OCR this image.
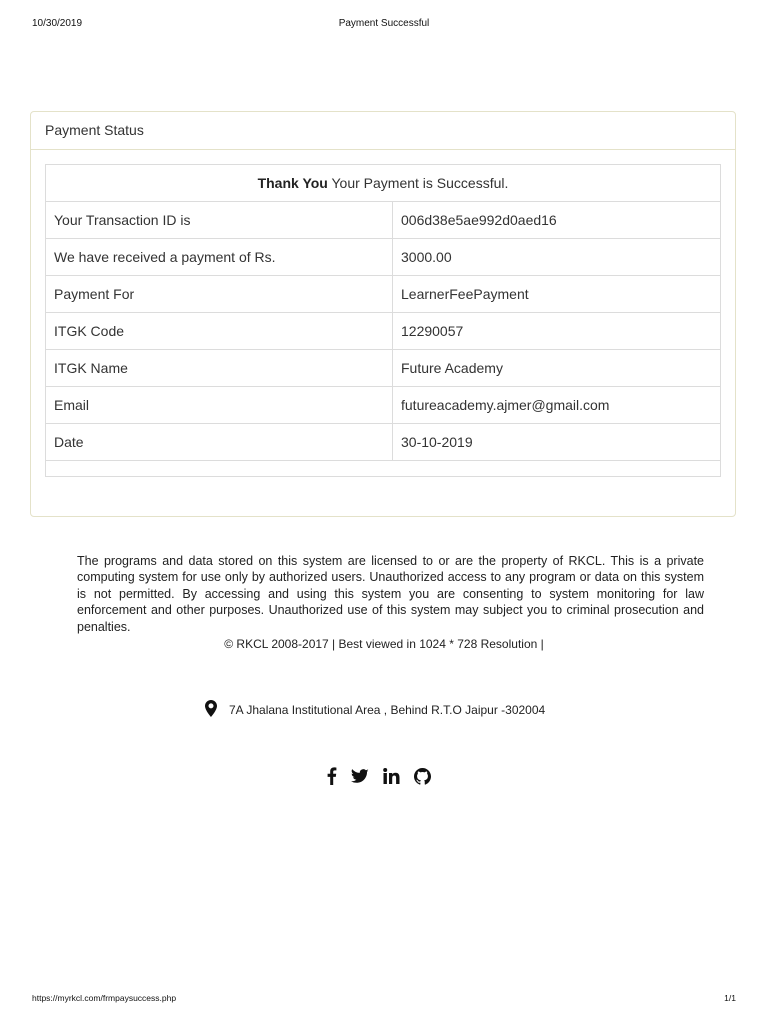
10/30/2019	Payment Successful
Payment Status
Thank You Your Payment is Successful.	
Your Transaction ID is	006d38e5ae992d0aed16
We have received a payment of Rs.	3000.00
Payment For	LearnerFeePayment
ITGK Code	12290057
ITGK Name	Future Academy
Email	futureacademy.ajmer@gmail.com
Date	30-10-2019

The programs and data stored on this system are licensed to or are the property of RKCL. This is a private computing system for use only by authorized users. Unauthorized access to any program or data on this system is not permitted. By accessing and using this system you are consenting to system monitoring for law enforcement and other purposes. Unauthorized use of this system may subject you to criminal prosecution and penalties.
© RKCL 2008-2017 | Best viewed in 1024 * 728 Resolution |
7A Jhalana Institutional Area , Behind R.T.O Jaipur -302004
https://myrkcl.com/frmpaysuccess.php	1/1
